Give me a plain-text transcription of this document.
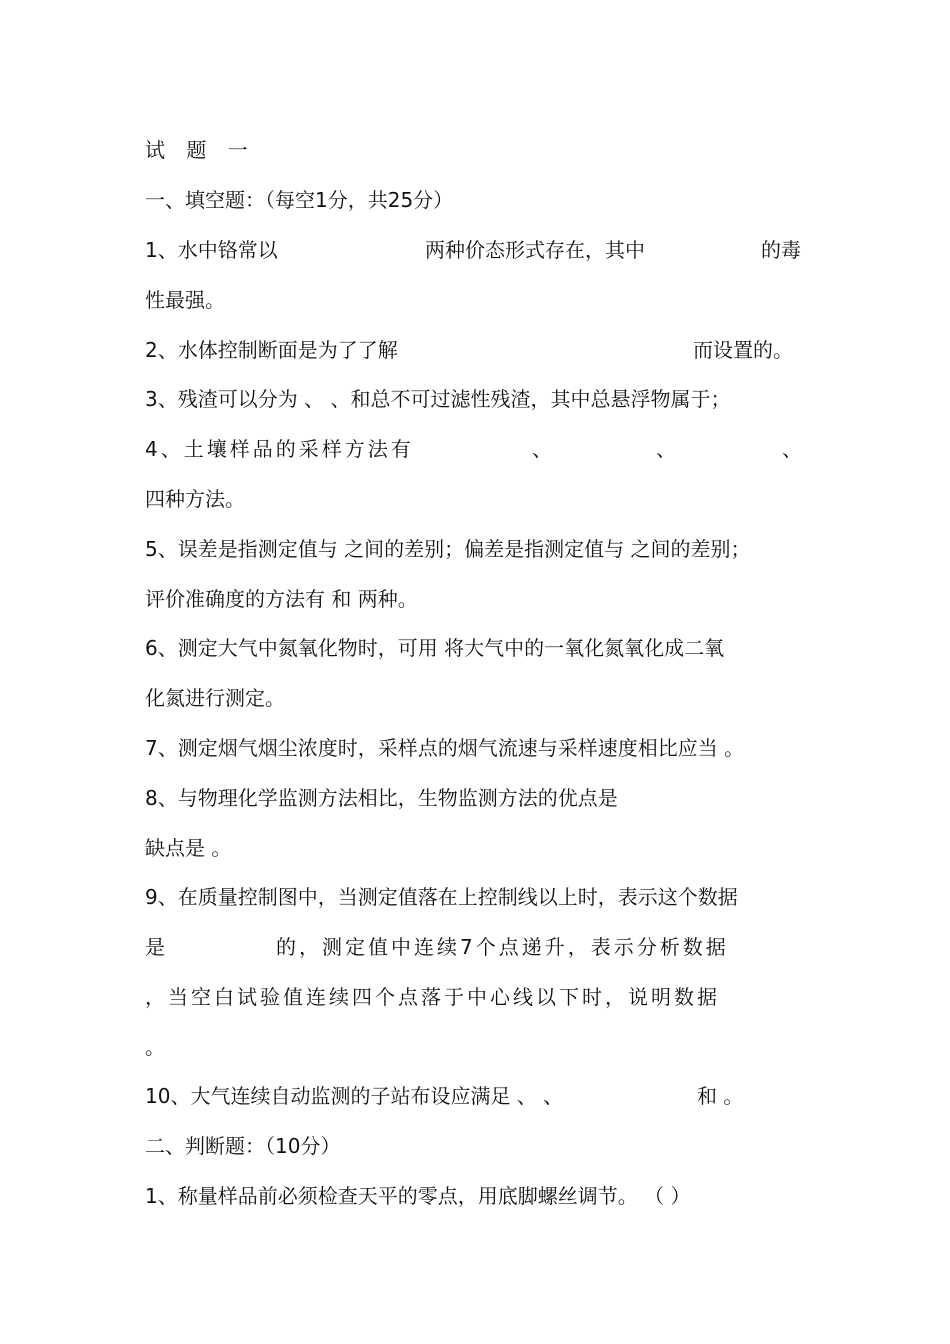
试 题 一
一、填空题：（每空1分，共25分）
1、水中铬常以	两种价态形式存在，其中	的毒
性最强。
2、水体控制断面是为了了解	而设置的。
3、残渣可以分为 、 、和总不可过滤性残渣，其中总悬浮物属于；
4、土壤样品的采样方法有	、	、	、
四种方法。
5、误差是指测定值与 之间的差别；偏差是指测定值与 之间的差别；
评价准确度的方法有 和 两种。
6、测定大气中氮氧化物时，可用 将大气中的一氧化氮氧化成二氧
化氮进行测定。
7、测定烟气烟尘浓度时，采样点的烟气流速与采样速度相比应当 。
8、与物理化学监测方法相比，生物监测方法的优点是
缺点是 。
9、在质量控制图中，当测定值落在上控制线以上时，表示这个数据
是	的，测定值中连续7个点递升，表示分析数据
，当空白试验值连续四个点落于中心线以下时，说明数据
。
10、大气连续自动监测的子站布设应满足 、 、	和 。
二、判断题：（10分）
1、称量样品前必须检查天平的零点，用底脚螺丝调节。 （ ）
